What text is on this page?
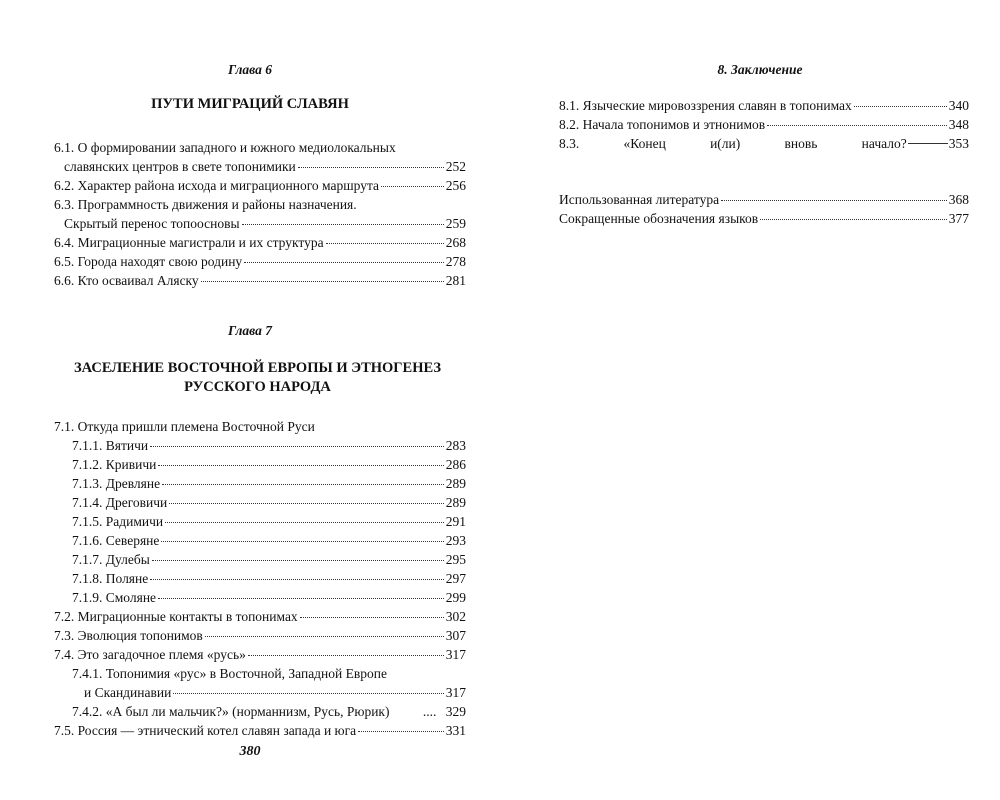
Глава 6
ПУТИ МИГРАЦИЙ СЛАВЯН
6.1. О формировании западного и южного медиолокальных
славянских центров в свете топонимики	252
6.2. Характер района исхода и миграционного маршрута	256
6.3. Программность движения и районы назначения.
Скрытый перенос топоосновы	259
6.4. Миграционные магистрали и их структура	268
6.5. Города находят свою родину	278
6.6. Кто осваивал Аляску	281
Глава 7
ЗАСЕЛЕНИЕ ВОСТОЧНОЙ ЕВРОПЫ И ЭТНОГЕНЕЗ
РУССКОГО НАРОДА
7.1. Откуда пришли племена Восточной Руси
7.1.1. Вятичи	283
7.1.2. Кривичи	286
7.1.3. Древляне	289
7.1.4. Дреговичи	289
7.1.5. Радимичи	291
7.1.6. Северяне	293
7.1.7. Дулебы	295
7.1.8. Поляне	297
7.1.9. Смоляне	299
7.2. Миграционные контакты в топонимах	302
7.3. Эволюция топонимов	307
7.4. Это загадочное племя «русь»	317
7.4.1. Топонимия «рус» в Восточной, Западной Европе
и Скандинавии	317
7.4.2. «А был ли мальчик?» (норманнизм, Русь, Рюрик) .... 329
7.5. Россия — этнический котел славян запада и юга	331
380
8. Заключение
8.1. Языческие мировоззрения славян в топонимах	340
8.2. Начала топонимов и этнонимов	348
8.3.	«Конец	и(ли)	вновь	начало?	353
Использованная литература	368
Сокращенные обозначения языков	377
